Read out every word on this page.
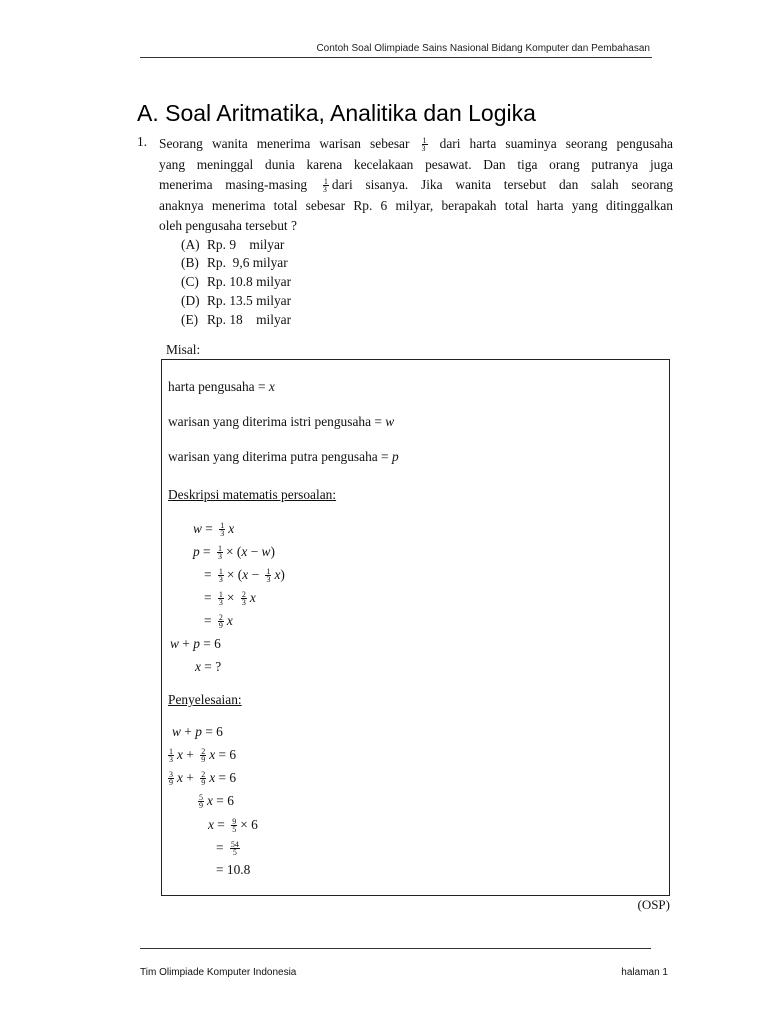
Contoh Soal Olimpiade Sains Nasional Bidang Komputer dan Pembahasan
A. Soal Aritmatika, Analitika dan Logika
1. Seorang wanita menerima warisan sebesar $\frac{1}{3}$ dari harta suaminya seorang pengusaha
yang meninggal dunia karena kecelakaan pesawat. Dan tiga orang putranya juga
menerima $masing-masing \frac{1}{3}$ dari sisanya. Jika wanita tersebut dan salah seorang
anaknya menerima total sebesar Rp. 6 milyar, berapakah total harta yang ditinggalkan
oleh pengusaha tersebut ?
(A) Rp. 9    milyar
(B) Rp.  9,6 milyar
(C) Rp. 10.8 milyar
(D) Rp. 13.5 milyar
(E) Rp. 18    milyar
Misal:
harta pengusaha = x
warisan yang diterima istri pengusaha = w
warisan yang diterima putra pengusaha = p
Deskripsi matematis persoalan:
$w = \frac{1}{3}$ x
$p = \frac{1}{3} \times (x - w)$
= $\frac{1}{3} \times (x - \frac{1}{3} x)$
= $\frac{1}{3} \times \frac{2}{3}$ x
= $\frac{2}{9}$ x
w + p = 6
x = ?
Penyelesaian:
w + p = 6
$\frac{1}{3}$ $x + \frac{2}{9}$ x = 6
$\frac{3}{9}$ $x + \frac{2}{9}$ x = 6
$\frac{5}{9}$ x = 6
$x = \frac{9}{5} \times 6$
= $\frac{54}{5}$
= 10.8
(OSP)
Tim Olimpiade Komputer Indonesia	halaman 1
